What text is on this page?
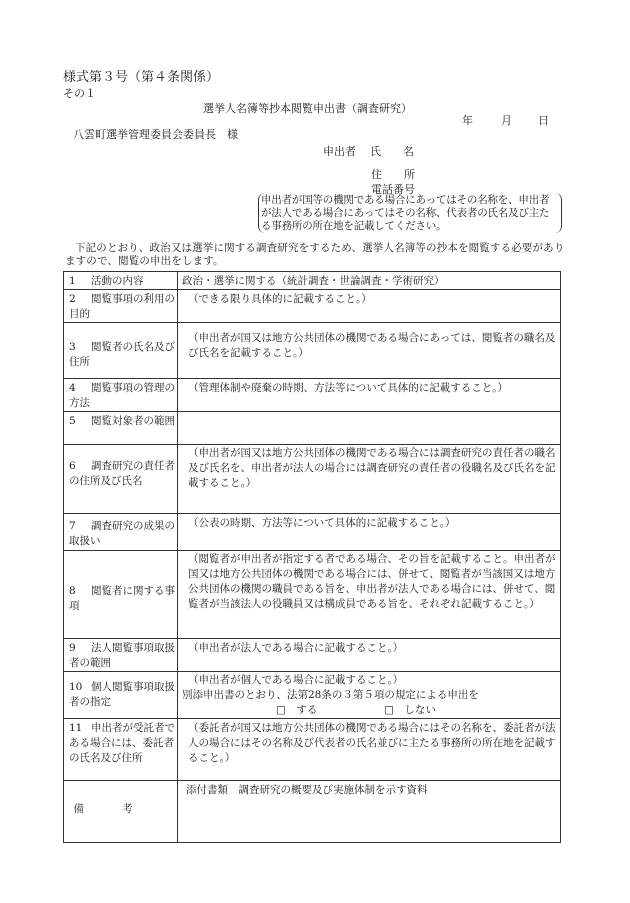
様式第３号（第４条関係）
その１
選挙人名簿等抄本閲覧申出書（調査研究）
年	月 日
八雲町選挙管理委員会委員長　様
申出者 氏　　名
住　　所
電話番号
申出者が国等の機関である場合にあってはその名称を、申出者が法人である場合にあってはその名称、代表者の氏名及び主たる事務所の所在地を記載してください。
下記のとおり、政治又は選挙に関する調査研究をするため、選挙人名簿等の抄本を閲覧する必要がありますので、閲覧の申出をします。
1 活動の内容	政治・選挙に関する（統計調査・世論調査・学術研究）

2 閲覧事項の利用の目的	（できる限り具体的に記載すること。）

3 閲覧者の氏名及び住所	（申出者が国又は地方公共団体の機関である場合にあっては、閲覧者の職名及び氏名を記載すること。）

4 閲覧事項の管理の方法	（管理体制や廃棄の時期、方法等について具体的に記載すること。）

5 閲覧対象者の範囲	

6 調査研究の責任者の住所及び氏名	（申出者が国又は地方公共団体の機関である場合には調査研究の責任者の職名及び氏名を、申出者が法人の場合には調査研究の責任者の役職名及び氏名を記載すること。）

7 調査研究の成果の取扱い	（公表の時期、方法等について具体的に記載すること。）

8 閲覧者に関する事項	（閲覧者が申出者が指定する者である場合、その旨を記載すること。申出者が国又は地方公共団体の機関である場合には、併せて、閲覧者が当該国又は地方公共団体の機関の職員である旨を、申出者が法人である場合には、併せて、閲覧者が当該法人の役職員又は構成員である旨を、それぞれ記載すること。）

9 法人閲覧事項取扱者の範囲	（申出者が法人である場合に記載すること。）

10 個人閲覧事項取扱者の指定	（申出者が個人である場合に記載すること。）
別添申出書のとおり、法第28条の３第５項の規定による申出を
□　する □　しない

11 申出者が受託者である場合には、委託者の氏名及び住所	（委託者が国又は地方公共団体の機関である場合にはその名称を、委託者が法人の場合にはその名称及び代表者の氏名並びに主たる事務所の所在地を記載すること。）

備考	添付書類　調査研究の概要及び実施体制を示す資料
